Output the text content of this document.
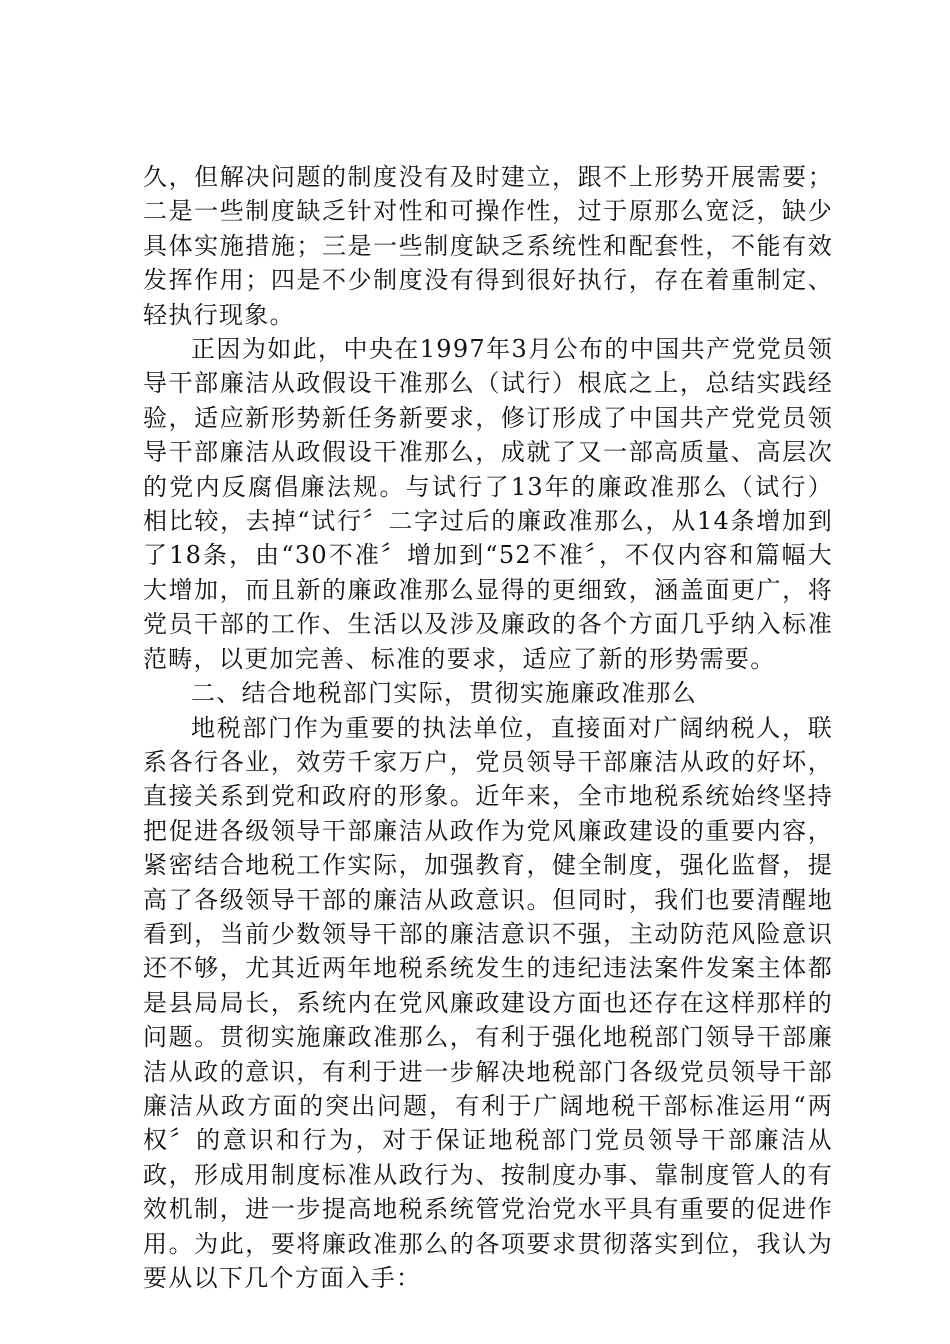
久，但解决问题的制度没有及时建立，跟不上形势开展需要；二是一些制度缺乏针对性和可操作性，过于原那么宽泛，缺少具体实施措施；三是一些制度缺乏系统性和配套性，不能有效发挥作用；四是不少制度没有得到很好执行，存在着重制定、轻执行现象。

正因为如此，中央在1997年3月公布的中国共产党党员领导干部廉洁从政假设干准那么（试行）根底之上，总结实践经验，适应新形势新任务新要求，修订形成了中国共产党党员领导干部廉洁从政假设干准那么，成就了又一部高质量、高层次的党内反腐倡廉法规。与试行了13年的廉政准那么（试行）相比较，去掉“试行〞二字过后的廉政准那么，从14条增加到了18条，由“30不准〞增加到“52不准〞，不仅内容和篇幅大大增加，而且新的廉政准那么显得的更细致，涵盖面更广，将党员干部的工作、生活以及涉及廉政的各个方面几乎纳入标准范畴，以更加完善、标准的要求，适应了新的形势需要。

二、结合地税部门实际，贯彻实施廉政准那么

地税部门作为重要的执法单位，直接面对广阔纳税人，联系各行各业，效劳千家万户，党员领导干部廉洁从政的好坏，直接关系到党和政府的形象。近年来，全市地税系统始终坚持把促进各级领导干部廉洁从政作为党风廉政建设的重要内容，紧密结合地税工作实际，加强教育，健全制度，强化监督，提高了各级领导干部的廉洁从政意识。但同时，我们也要清醒地看到，当前少数领导干部的廉洁意识不强，主动防范风险意识还不够，尤其近两年地税系统发生的违纪违法案件发案主体都是县局局长，系统内在党风廉政建设方面也还存在这样那样的问题。贯彻实施廉政准那么，有利于强化地税部门领导干部廉洁从政的意识，有利于进一步解决地税部门各级党员领导干部廉洁从政方面的突出问题，有利于广阔地税干部标准运用“两权〞的意识和行为，对于保证地税部门党员领导干部廉洁从政，形成用制度标准从政行为、按制度办事、靠制度管人的有效机制，进一步提高地税系统管党治党水平具有重要的促进作用。为此，要将廉政准那么的各项要求贯彻落实到位，我认为要从以下几个方面入手：
